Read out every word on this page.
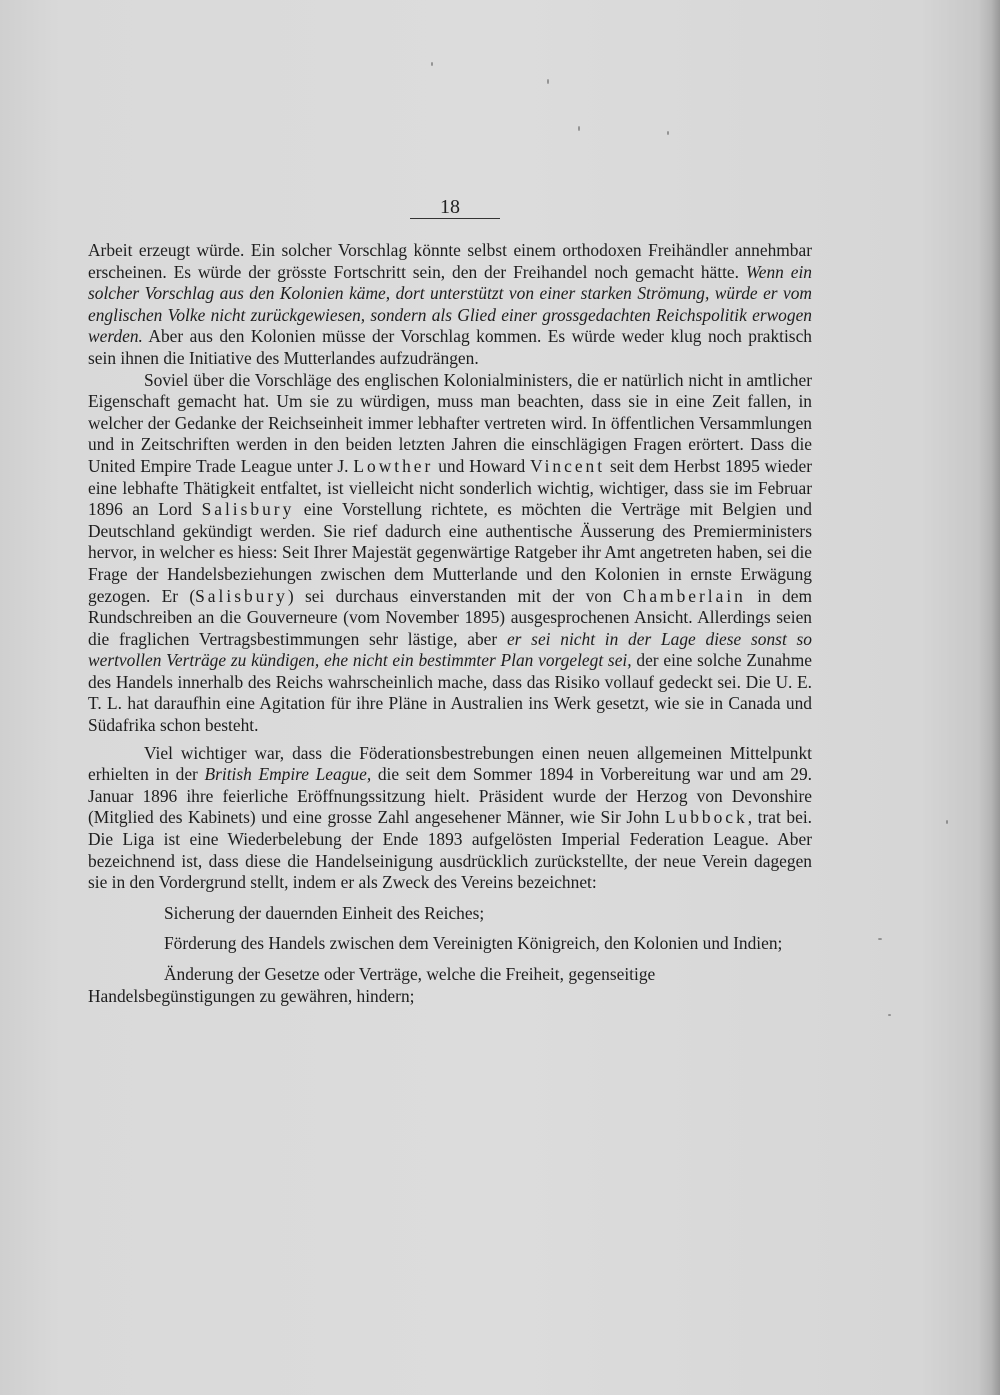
18

Arbeit erzeugt würde. Ein solcher Vorschlag könnte selbst einem orthodoxen Freihändler annehmbar erscheinen. Es würde der grösste Fortschritt sein, den der Freihandel noch gemacht hätte. Wenn ein solcher Vorschlag aus den Kolonien käme, dort unterstützt von einer starken Strömung, würde er vom englischen Volke nicht zurückgewiesen, sondern als Glied einer grossgedachten Reichspolitik erwogen werden. Aber aus den Kolonien müsse der Vorschlag kommen. Es würde weder klug noch praktisch sein ihnen die Initiative des Mutterlandes aufzudrängen.

Soviel über die Vorschläge des englischen Kolonialministers, die er natürlich nicht in amtlicher Eigenschaft gemacht hat. Um sie zu würdigen, muss man beachten, dass sie in eine Zeit fallen, in welcher der Gedanke der Reichseinheit immer lebhafter vertreten wird. In öffentlichen Versammlungen und in Zeitschriften werden in den beiden letzten Jahren die einschlägigen Fragen erörtert. Dass die United Empire Trade League unter J. Lowther und Howard Vincent seit dem Herbst 1895 wieder eine lebhafte Thätigkeit entfaltet, ist vielleicht nicht sonderlich wichtig, wichtiger, dass sie im Februar 1896 an Lord Salisbury eine Vorstellung richtete, es möchten die Verträge mit Belgien und Deutschland gekündigt werden. Sie rief dadurch eine authentische Äusserung des Premierministers hervor, in welcher es hiess: Seit Ihrer Majestät gegenwärtige Ratgeber ihr Amt angetreten haben, sei die Frage der Handelsbeziehungen zwischen dem Mutterlande und den Kolonien in ernste Erwägung gezogen. Er (Salisbury) sei durchaus einverstanden mit der von Chamberlain in dem Rundschreiben an die Gouverneure (vom November 1895) ausgesprochenen Ansicht. Allerdings seien die fraglichen Vertragsbestimmungen sehr lästige, aber er sei nicht in der Lage diese sonst so wertvollen Verträge zu kündigen, ehe nicht ein bestimmter Plan vorgelegt sei, der eine solche Zunahme des Handels innerhalb des Reichs wahrscheinlich mache, dass das Risiko vollauf gedeckt sei. Die U. E. T. L. hat daraufhin eine Agitation für ihre Pläne in Australien ins Werk gesetzt, wie sie in Canada und Südafrika schon besteht.

Viel wichtiger war, dass die Föderationsbestrebungen einen neuen allgemeinen Mittelpunkt erhielten in der British Empire League, die seit dem Sommer 1894 in Vorbereitung war und am 29. Januar 1896 ihre feierliche Eröffnungssitzung hielt. Präsident wurde der Herzog von Devonshire (Mitglied des Kabinets) und eine grosse Zahl angesehener Männer, wie Sir John Lubbock, trat bei. Die Liga ist eine Wiederbelebung der Ende 1893 aufgelösten Imperial Federation League. Aber bezeichnend ist, dass diese die Handelseinigung ausdrücklich zurückstellte, der neue Verein dagegen sie in den Vordergrund stellt, indem er als Zweck des Vereins bezeichnet:

Sicherung der dauernden Einheit des Reiches;

Förderung des Handels zwischen dem Vereinigten Königreich, den Kolonien und Indien;

Änderung der Gesetze oder Verträge, welche die Freiheit, gegenseitige Handelsbegünstigungen zu gewähren, hindern;
